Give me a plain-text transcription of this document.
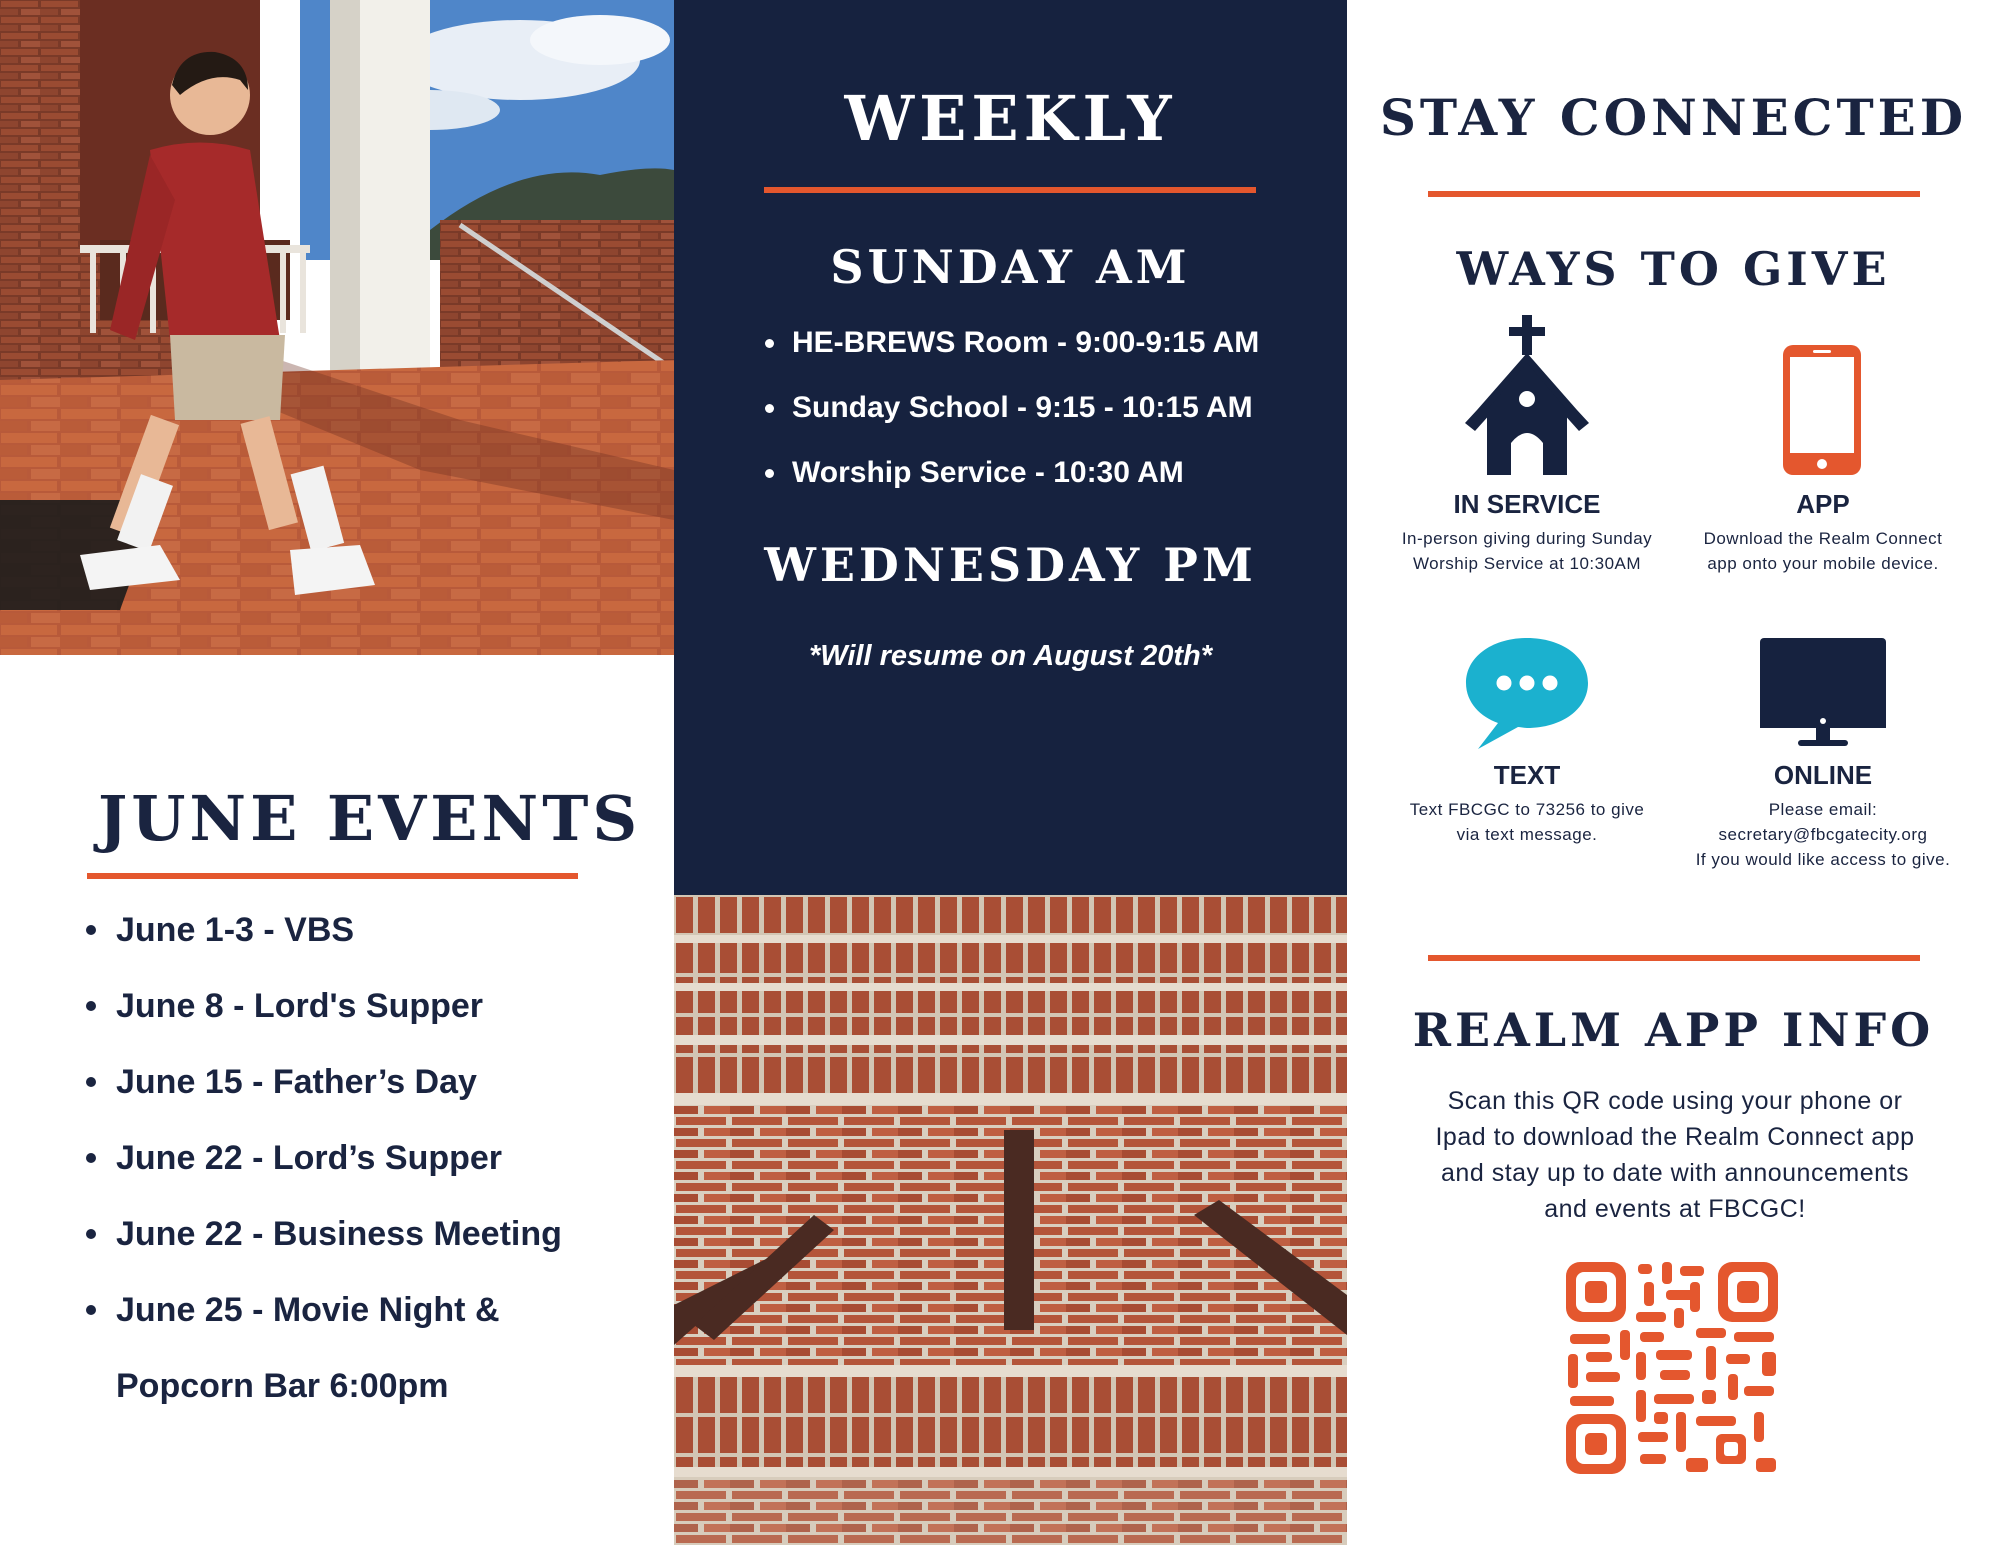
JUNE EVENTS
June 1-3 - VBS
June 8 - Lord's Supper
June 15 - Father’s Day
June 22 - Lord’s Supper
June 22 - Business Meeting
June 25 - Movie Night &
Popcorn Bar 6:00pm
WEEKLY
SUNDAY AM
HE-BREWS Room - 9:00-9:15 AM
Sunday School - 9:15 - 10:15 AM
Worship Service - 10:30 AM
WEDNESDAY PM
*Will resume on August 20th*
STAY CONNECTED
WAYS TO GIVE
IN SERVICE
In-person giving during Sunday Worship Service at 10:30AM
APP
Download the Realm Connect app onto your mobile device.
TEXT
Text FBCGC to 73256 to give via text message.
ONLINE
Please email:
secretary@fbcgatecity.org
If you would like access to give.
REALM APP INFO
Scan this QR code using your phone or Ipad to download the Realm Connect app and stay up to date with announcements and events at FBCGC!
